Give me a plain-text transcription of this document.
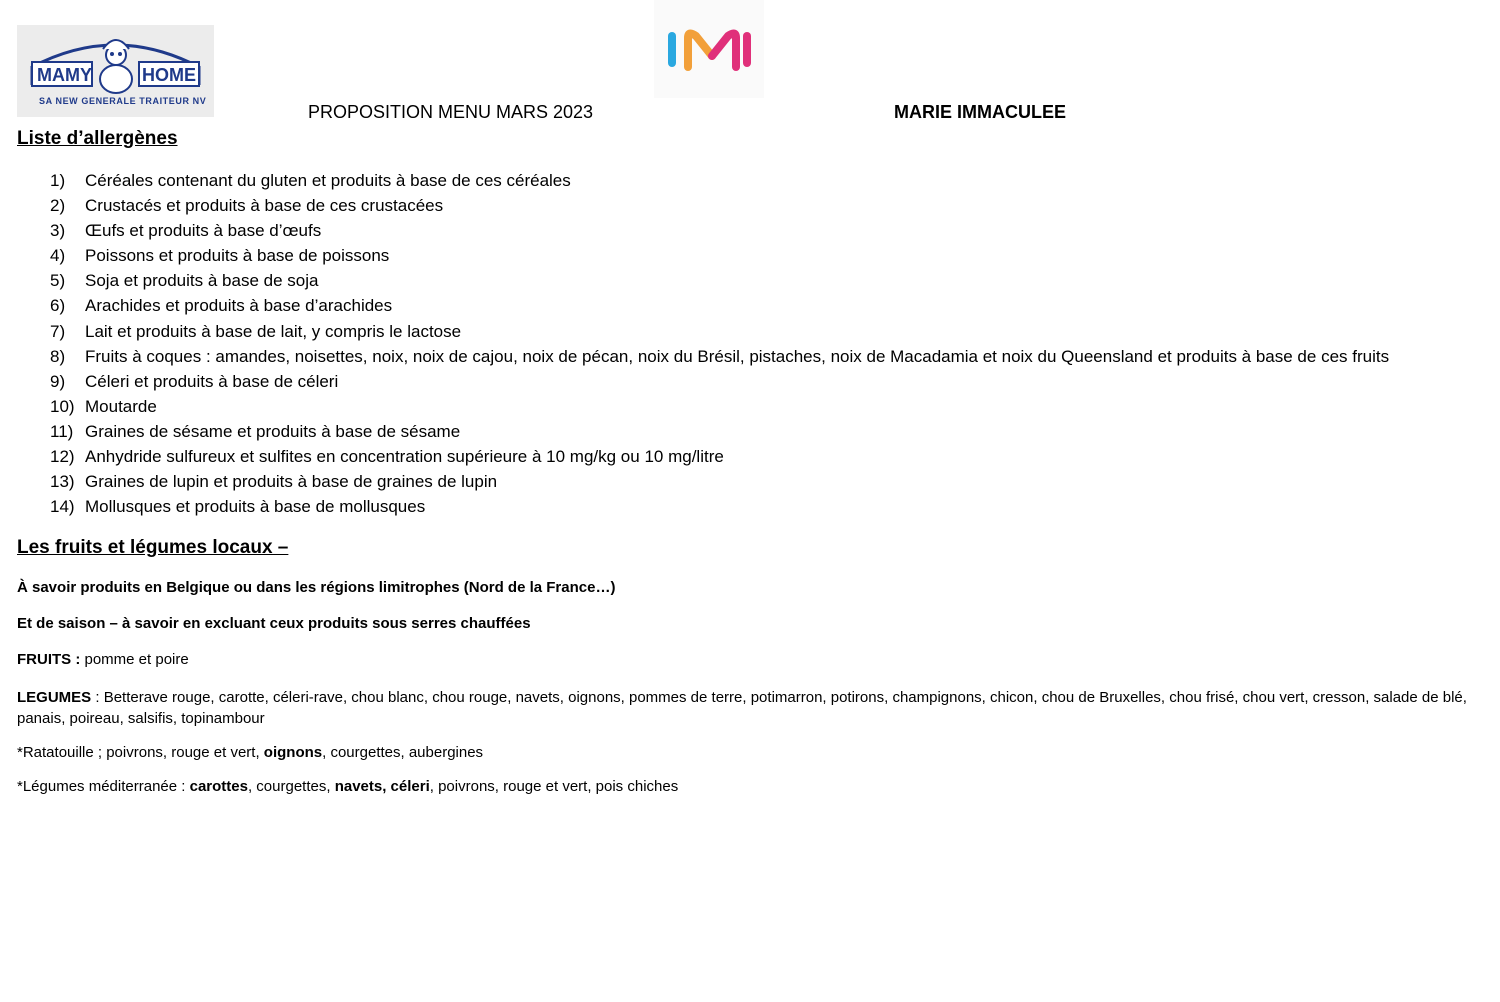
MAMY	HOME
SA NEW GENERALE TRAITEUR NV
PROPOSITION MENU MARS 2023	MARIE IMMACULEE
Liste d’allergènes
1)	Céréales contenant du gluten et produits à base de ces céréales
2)	Crustacés et produits à base de ces crustacées
3)	Œufs et produits à base d’œufs
4)	Poissons et produits à base de poissons
5)	Soja et produits à base de soja
6)	Arachides et produits à base d’arachides
7)	Lait et produits à base de lait, y compris le lactose
8)	Fruits à coques : amandes, noisettes, noix, noix de cajou, noix de pécan, noix du Brésil, pistaches, noix de Macadamia et noix du Queensland et produits à base de ces fruits
9)	Céleri et produits à base de céleri
10) Moutarde
11) Graines de sésame et produits à base de sésame
12) Anhydride sulfureux et sulfites en concentration supérieure à 10 mg/kg ou 10 mg/litre
13) Graines de lupin et produits à base de graines de lupin
14) Mollusques et produits à base de mollusques
Les fruits et légumes locaux –
À savoir produits en Belgique ou dans les régions limitrophes (Nord de la France…)
Et de saison – à savoir en excluant ceux produits sous serres chauffées
FRUITS : pomme et poire
LEGUMES : Betterave rouge, carotte, céleri-rave, chou blanc, chou rouge, navets, oignons, pommes de terre, potimarron, potirons, champignons, chicon, chou de Bruxelles, chou frisé, chou vert, cresson, salade de blé, panais, poireau, salsifis, topinambour
*Ratatouille ; poivrons, rouge et vert, oignons, courgettes, aubergines
*Légumes méditerranée : carottes, courgettes, navets, céleri, poivrons, rouge et vert, pois chiches
